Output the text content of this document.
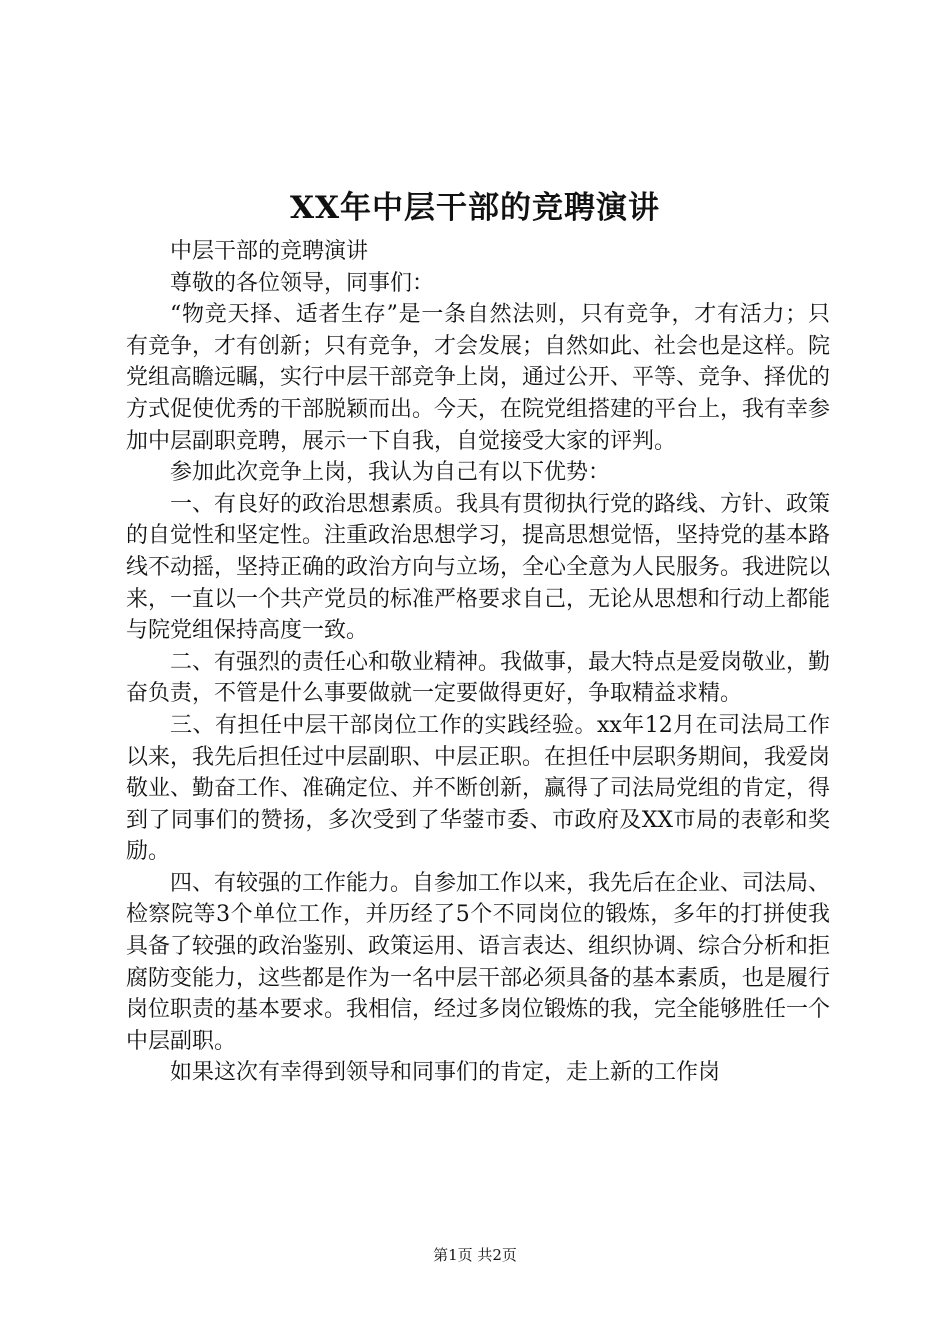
XX年中层干部的竞聘演讲

中层干部的竞聘演讲

尊敬的各位领导，同事们：

“物竞天择、适者生存”是一条自然法则，只有竞争，才有活力；只有竞争，才有创新；只有竞争，才会发展；自然如此、社会也是这样。院党组高瞻远瞩，实行中层干部竞争上岗，通过公开、平等、竞争、择优的方式促使优秀的干部脱颖而出。今天，在院党组搭建的平台上，我有幸参加中层副职竞聘，展示一下自我，自觉接受大家的评判。

参加此次竞争上岗，我认为自己有以下优势：

一、有良好的政治思想素质。我具有贯彻执行党的路线、方针、政策的自觉性和坚定性。注重政治思想学习，提高思想觉悟，坚持党的基本路线不动摇，坚持正确的政治方向与立场，全心全意为人民服务。我进院以来，一直以一个共产党员的标准严格要求自己，无论从思想和行动上都能与院党组保持高度一致。

二、有强烈的责任心和敬业精神。我做事，最大特点是爱岗敬业，勤奋负责，不管是什么事要做就一定要做得更好，争取精益求精。

三、有担任中层干部岗位工作的实践经验。xx年12月在司法局工作以来，我先后担任过中层副职、中层正职。在担任中层职务期间，我爱岗敬业、勤奋工作、准确定位、并不断创新，赢得了司法局党组的肯定，得到了同事们的赞扬，多次受到了华蓥市委、市政府及XX市局的表彰和奖励。

四、有较强的工作能力。自参加工作以来，我先后在企业、司法局、检察院等3个单位工作，并历经了5个不同岗位的锻炼，多年的打拼使我具备了较强的政治鉴别、政策运用、语言表达、组织协调、综合分析和拒腐防变能力，这些都是作为一名中层干部必须具备的基本素质，也是履行岗位职责的基本要求。我相信，经过多岗位锻炼的我，完全能够胜任一个中层副职。

如果这次有幸得到领导和同事们的肯定，走上新的工作岗

第1页 共2页
